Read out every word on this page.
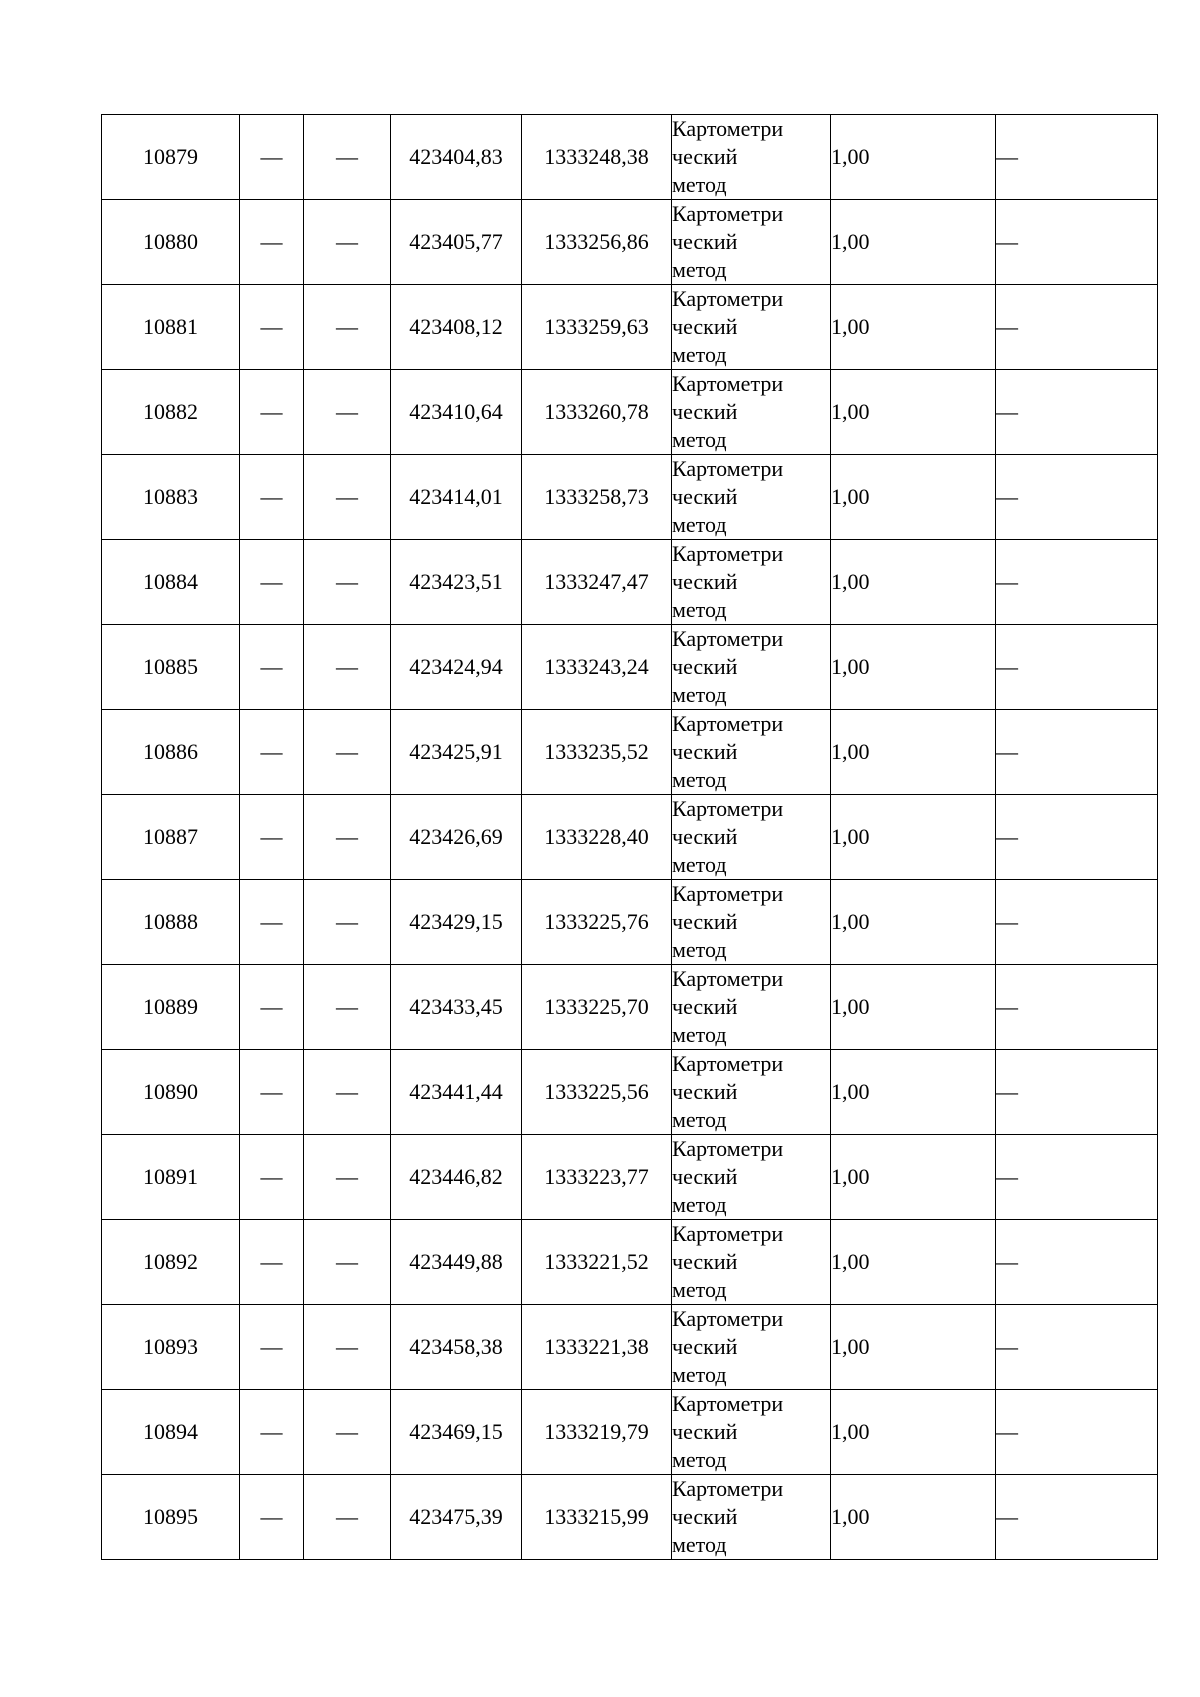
10879	—	—	423404,83	1333248,38	Картометри
ческий
метод	1,00	—
10880	—	—	423405,77	1333256,86	Картометри
ческий
метод	1,00	—
10881	—	—	423408,12	1333259,63	Картометри
ческий
метод	1,00	—
10882	—	—	423410,64	1333260,78	Картометри
ческий
метод	1,00	—
10883	—	—	423414,01	1333258,73	Картометри
ческий
метод	1,00	—
10884	—	—	423423,51	1333247,47	Картометри
ческий
метод	1,00	—
10885	—	—	423424,94	1333243,24	Картометри
ческий
метод	1,00	—
10886	—	—	423425,91	1333235,52	Картометри
ческий
метод	1,00	—
10887	—	—	423426,69	1333228,40	Картометри
ческий
метод	1,00	—
10888	—	—	423429,15	1333225,76	Картометри
ческий
метод	1,00	—
10889	—	—	423433,45	1333225,70	Картометри
ческий
метод	1,00	—
10890	—	—	423441,44	1333225,56	Картометри
ческий
метод	1,00	—
10891	—	—	423446,82	1333223,77	Картометри
ческий
метод	1,00	—
10892	—	—	423449,88	1333221,52	Картометри
ческий
метод	1,00	—
10893	—	—	423458,38	1333221,38	Картометри
ческий
метод	1,00	—
10894	—	—	423469,15	1333219,79	Картометри
ческий
метод	1,00	—
10895	—	—	423475,39	1333215,99	Картометри
ческий
метод	1,00	—
